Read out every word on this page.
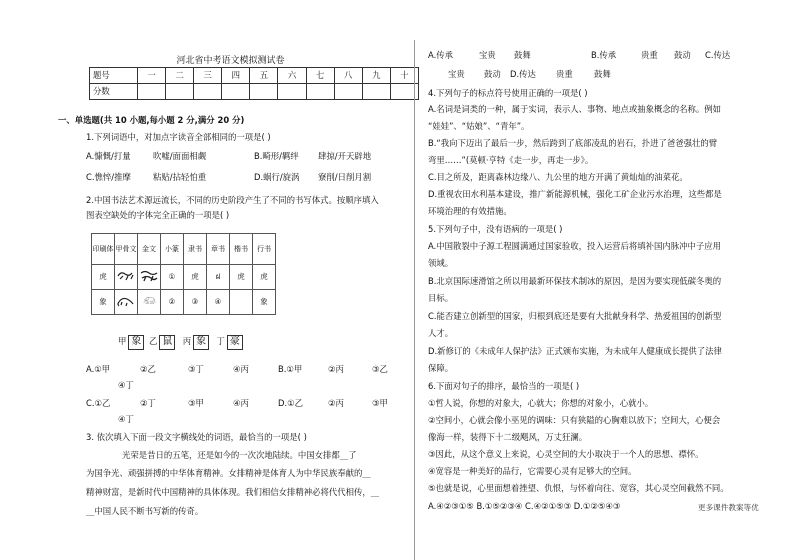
河北省中考语文模拟测试卷
题号	一	二	三	四	五	六	七	八	九	十
分数										
一、单选题(共 10 小题,每小题 2 分,满分 20 分)
1.下列词语中，对加点字读音全部相同的一项是( )
A.慷慨/打量	吹嘘/面面相觑	B.畸形/羁绊 肆掠/开天辟地
C.憔悴/推摩	粘贴/拈轻怕重	D.蜗行/旋涡 寮削/日削月割
2.中国书法艺术源远流长，不同的历史阶段产生了不同的书写体式。按顺序填入
图表空缺处的字体完全正确的一项是( )
印刷体	甲骨文	金文	小篆	隶书	章书	楷书	行书
虎			①	虎	ฝ	虎	虎
象		𓃰	②	③	④		象
甲 象 乙 鼠 丙 象 丁 豪
A.①甲	②乙	③丁	④丙	B.①甲	②丙	③乙
④丁
C.①乙	②丁	③甲	④丙	D.①乙	②丙	③甲
④丁
3. 依次填入下面一段文字横线处的词语，最恰当的一项是( )
光荣是昔日的五笔，还是如今的一次次地陆续。中国女排都__了
为国争光、顽强拼搏的中华体育精神。女排精神是体育人为中华民族奉献的__
精神财富，是新时代中国精神的具体体现。我们相信女排精神必将代代相传，__
__中国人民不断书写新的传奇。
A.传承	宝贵 鼓舞	B.传承	贵重 鼓动 C.传达
宝贵 鼓动 D.传达 贵重	鼓舞
4.下列句子的标点符号使用正确的一项是( )
A.名词是词类的一种，属于实词，表示人、事物、地点或抽象概念的名称。例如
“娃娃”、“姑娘”、“青年”。
B.“我向下迈出了最后一步，然后跨到了底部凌乱的岩石，扑进了爸爸强壮的臂
弯里……”(莫顿·亨特《走一步，再走一步》。
C.目之所及，距离森林边缘八、九公里的地方开满了黄灿灿的油菜花。
D.重视农田水利基本建设，推广新能源机械，强化工矿企业污水治理，这些都是
环境治理的有效措施。
5.下列句子中，没有语病的一项是( )
A.中国散裂中子源工程圆满通过国家验收，投入运营后将填补国内脉冲中子应用
领域。
B.北京国际速滑馆之所以用最新环保技术制冰的原因，是因为要实现低碳冬奥的
目标。
C.能否建立创新型的国家，归根到底还是要有大批献身科学、热爱祖国的创新型
人才。
D.新修订的《未成年人保护法》正式颁布实施，为未成年人健康成长提供了法律
保障。
6.下面对句子的排序，最恰当的一项是( )
①哲人说，你想的对象大，心就大；你想的对象小，心就小。
②空间小，心就会像小巫见的调味：只有狭隘的心胸难以放下；空间大，心便会
像海一样，装得下十二级飓风，万丈狂澜。
③因此，从这个意义上来说，心灵空间的大小取决于一个人的思想、襟怀。
④宽容是一种美好的品行，它需要心灵有足够大的空间。
⑤也就是说，心里面想着挫望、仇恨，与怀着向往、宽容，其心灵空间截然不同。
A.④②③①⑤ B.①⑤②③④ C.④②①⑤③ D.①②⑤④③	更多课件教案等优
